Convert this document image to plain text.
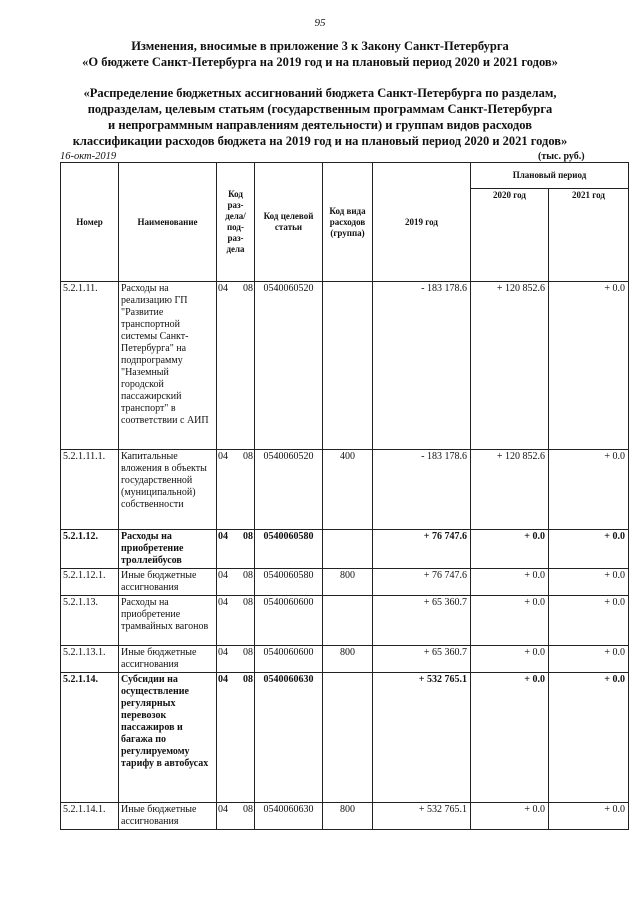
95
Изменения, вносимые в приложение 3 к Закону Санкт-Петербурга
«О бюджете Санкт-Петербурга на 2019 год и на плановый период 2020 и 2021 годов»
«Распределение бюджетных ассигнований бюджета Санкт-Петербурга по разделам,
подразделам, целевым статьям (государственным программам Санкт-Петербурга
и непрограммным направлениям деятельности) и группам видов расходов
классификации расходов бюджета на 2019 год и на плановый период 2020 и 2021 годов»
16-окт-2019	(тыс. руб.)
Номер	Наименование	Код раз-дела/ под-раз-дела	Код целевой статьи	Код вида расходов (группа)	2019 год	Плановый период	
						2020 год	2021 год
5.2.1.11.	Расходы на реализацию ГП "Развитие транспортной системы Санкт-Петербурга" на подпрограмму "Наземный городской пассажирский транспорт" в соответствии с АИП	04 08	0540060520		- 183 178.6	+ 120 852.6	+ 0.0
5.2.1.11.1.	Капитальные вложения в объекты государственной (муниципальной) собственности	04 08	0540060520	400	- 183 178.6	+ 120 852.6	+ 0.0
5.2.1.12.	Расходы на приобретение троллейбусов	04 08	0540060580		+ 76 747.6	+ 0.0	+ 0.0
5.2.1.12.1.	Иные бюджетные ассигнования	04 08	0540060580	800	+ 76 747.6	+ 0.0	+ 0.0
5.2.1.13.	Расходы на приобретение трамвайных вагонов	04 08	0540060600		+ 65 360.7	+ 0.0	+ 0.0
5.2.1.13.1.	Иные бюджетные ассигнования	04 08	0540060600	800	+ 65 360.7	+ 0.0	+ 0.0
5.2.1.14.	Субсидии на осуществление регулярных перевозок пассажиров и багажа по регулируемому тарифу в автобусах	04 08	0540060630		+ 532 765.1	+ 0.0	+ 0.0
5.2.1.14.1.	Иные бюджетные ассигнования	04 08	0540060630	800	+ 532 765.1	+ 0.0	+ 0.0
